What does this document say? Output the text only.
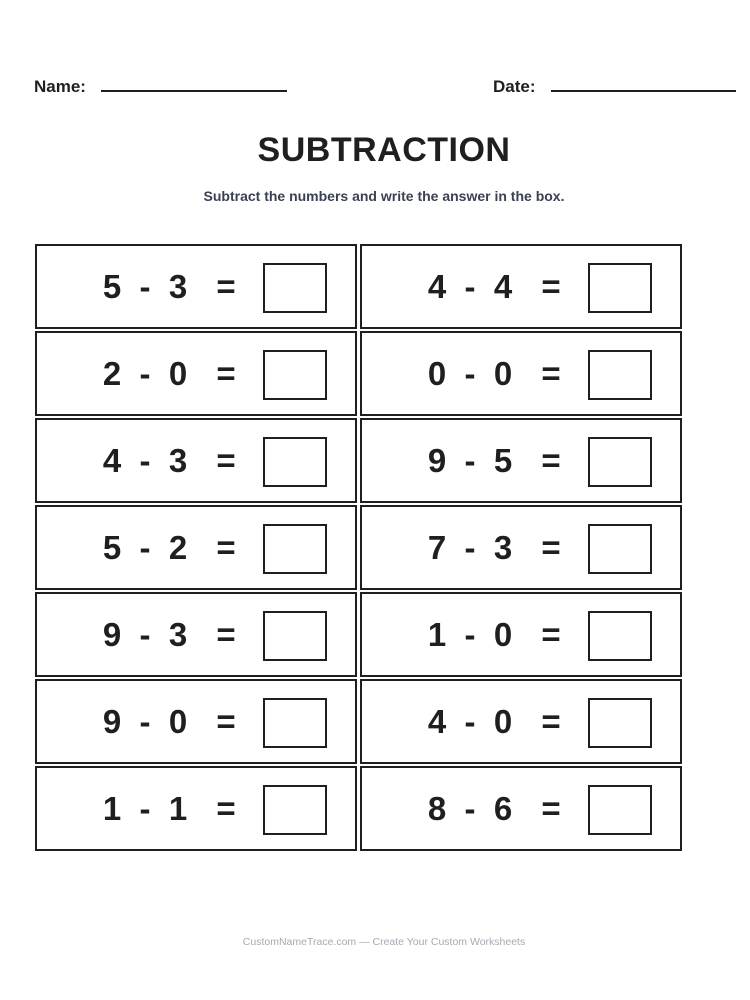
Name:	Date:
SUBTRACTION
Subtract the numbers and write the answer in the box.
5 - 3 =	4 - 4 =
2 - 0 =	0 - 0 =
4 - 3 =	9 - 5 =
5 - 2 =	7 - 3 =
9 - 3 =	1 - 0 =
9 - 0 =	4 - 0 =
1 - 1 =	8 - 6 =
CustomNameTrace.com — Create Your Custom Worksheets
